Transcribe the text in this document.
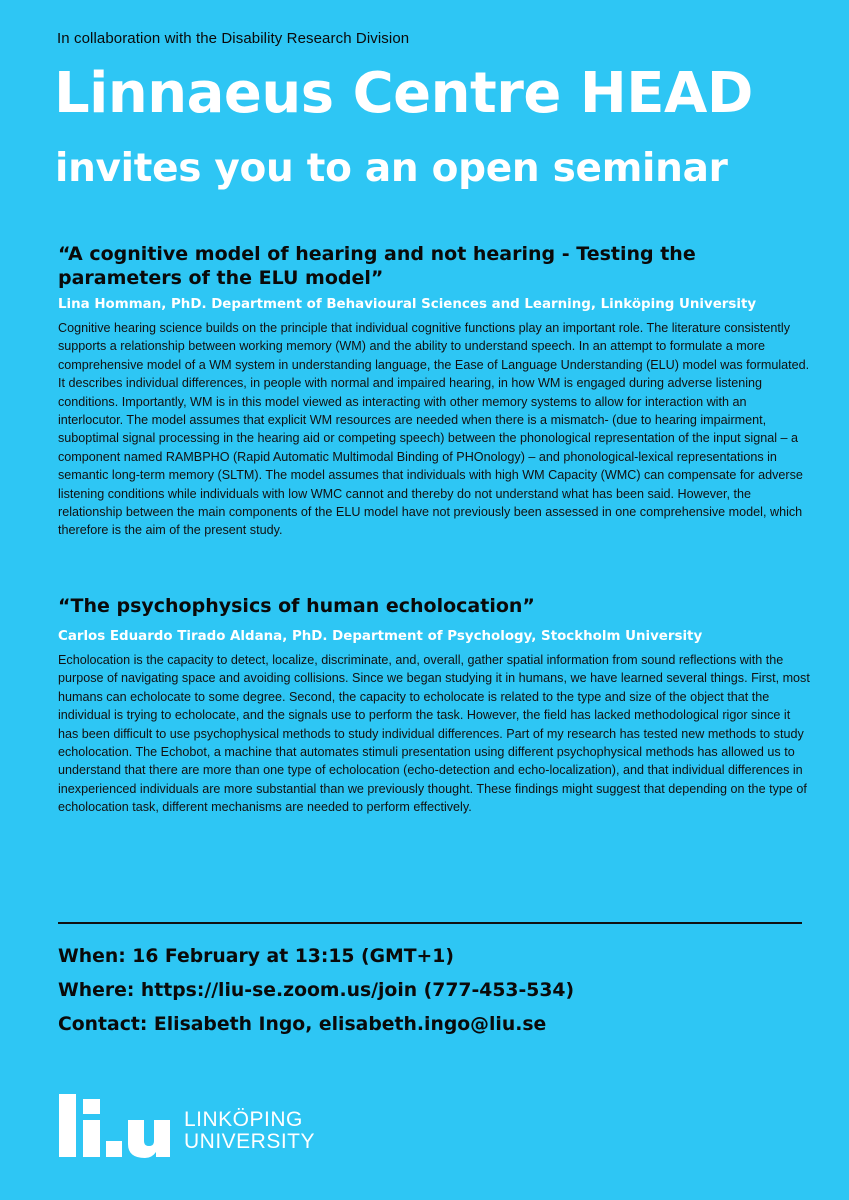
In collaboration with the Disability Research Division
Linnaeus Centre HEAD
invites you to an open seminar
“A cognitive model of hearing and not hearing - Testing the parameters of the ELU model”
Lina Homman, PhD. Department of Behavioural Sciences and Learning, Linköping University

Cognitive hearing science builds on the principle that individual cognitive functions play an important role. The literature consistently supports a relationship between working memory (WM) and the ability to understand speech. In an attempt to formulate a more comprehensive model of a WM system in understanding language, the Ease of Language Understanding (ELU) model was formulated. It describes individual differences, in people with normal and impaired hearing, in how WM is engaged during adverse listening conditions. Importantly, WM is in this model viewed as interacting with other memory systems to allow for interaction with an interlocutor. The model assumes that explicit WM resources are needed when there is a mismatch- (due to hearing impairment, suboptimal signal processing in the hearing aid or competing speech) between the phonological representation of the input signal – a component named RAMBPHO (Rapid Automatic Multimodal Binding of PHOnology) – and phonological-lexical representations in semantic long-term memory (SLTM). The model assumes that individuals with high WM Capacity (WMC) can compensate for adverse listening conditions while individuals with low WMC cannot and thereby do not understand what has been said. However, the relationship between the main components of the ELU model have not previously been assessed in one comprehensive model, which therefore is the aim of the present study.

“The psychophysics of human echolocation”
Carlos Eduardo Tirado Aldana, PhD. Department of Psychology, Stockholm University

Echolocation is the capacity to detect, localize, discriminate, and, overall, gather spatial information from sound reflections with the purpose of navigating space and avoiding collisions. Since we began studying it in humans, we have learned several things. First, most humans can echolocate to some degree. Second, the capacity to echolocate is related to the type and size of the object that the individual is trying to echolocate, and the signals use to perform the task. However, the field has lacked methodological rigor since it has been difficult to use psychophysical methods to study individual differences. Part of my research has tested new methods to study echolocation. The Echobot, a machine that automates stimuli presentation using different psychophysical methods has allowed us to understand that there are more than one type of echolocation (echo-detection and echo-localization), and that individual differences in inexperienced individuals are more substantial than we previously thought. These findings might suggest that depending on the type of echolocation task, different mechanisms are needed to perform effectively.

When: 16 February at 13:15 (GMT+1)
Where: https://liu-se.zoom.us/join (777-453-534)
Contact: Elisabeth Ingo, elisabeth.ingo@liu.se
LINKÖPING
UNIVERSITY
